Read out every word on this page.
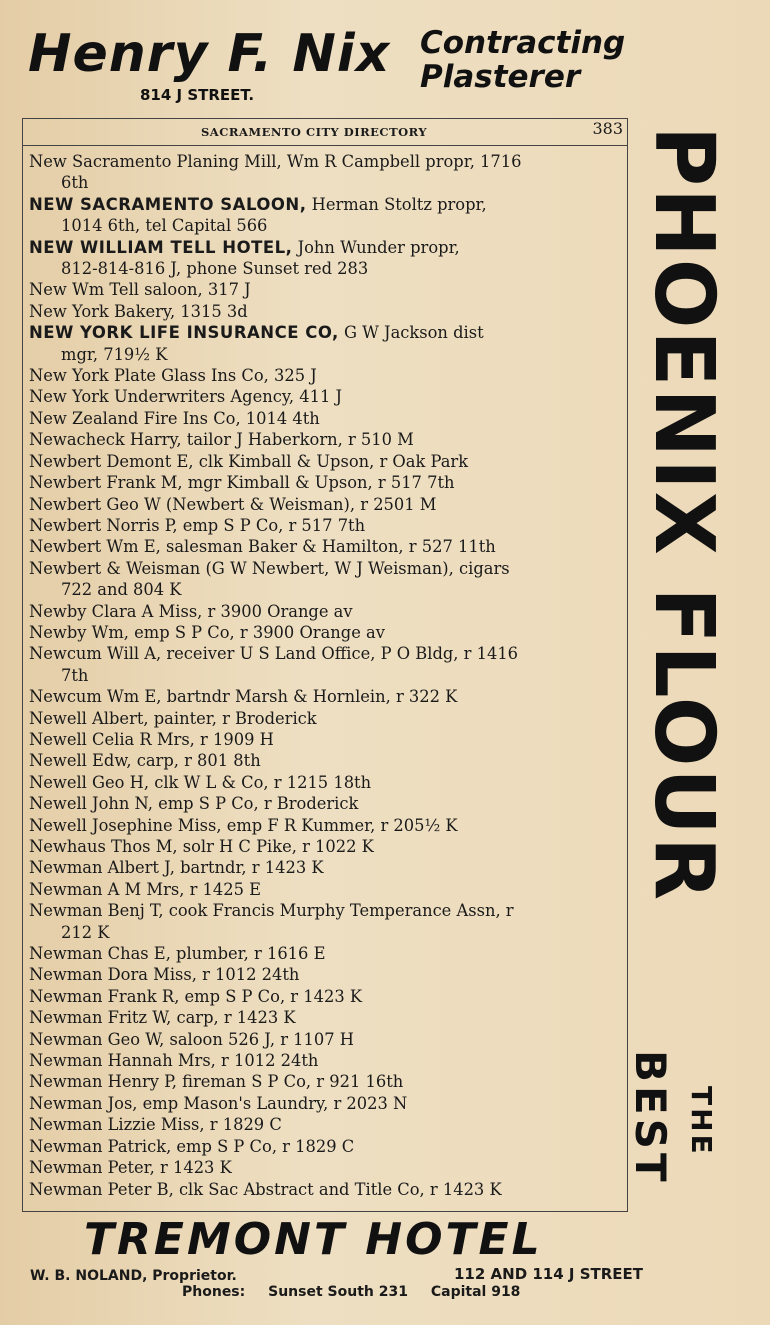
Henry F. Nix
814 J STREET.
Contracting
Plasterer
SACRAMENTO CITY DIRECTORY	383
New Sacramento Planing Mill, Wm R Campbell propr, 1716
6th
NEW SACRAMENTO SALOON, Herman Stoltz propr,
1014 6th, tel Capital 566
NEW WILLIAM TELL HOTEL, John Wunder propr,
812-814-816 J, phone Sunset red 283
New Wm Tell saloon, 317 J
New York Bakery, 1315 3d
NEW YORK LIFE INSURANCE CO, G W Jackson dist
mgr, 719½ K
New York Plate Glass Ins Co, 325 J
New York Underwriters Agency, 411 J
New Zealand Fire Ins Co, 1014 4th
Newacheck Harry, tailor J Haberkorn, r 510 M
Newbert Demont E, clk Kimball & Upson, r Oak Park
Newbert Frank M, mgr Kimball & Upson, r 517 7th
Newbert Geo W (Newbert & Weisman), r 2501 M
Newbert Norris P, emp S P Co, r 517 7th
Newbert Wm E, salesman Baker & Hamilton, r 527 11th
Newbert & Weisman (G W Newbert, W J Weisman), cigars
722 and 804 K
Newby Clara A Miss, r 3900 Orange av
Newby Wm, emp S P Co, r 3900 Orange av
Newcum Will A, receiver U S Land Office, P O Bldg, r 1416
7th
Newcum Wm E, bartndr Marsh & Hornlein, r 322 K
Newell Albert, painter, r Broderick
Newell Celia R Mrs, r 1909 H
Newell Edw, carp, r 801 8th
Newell Geo H, clk W L & Co, r 1215 18th
Newell John N, emp S P Co, r Broderick
Newell Josephine Miss, emp F R Kummer, r 205½ K
Newhaus Thos M, solr H C Pike, r 1022 K
Newman Albert J, bartndr, r 1423 K
Newman A M Mrs, r 1425 E
Newman Benj T, cook Francis Murphy Temperance Assn, r
212 K
Newman Chas E, plumber, r 1616 E
Newman Dora Miss, r 1012 24th
Newman Frank R, emp S P Co, r 1423 K
Newman Fritz W, carp, r 1423 K
Newman Geo W, saloon 526 J, r 1107 H
Newman Hannah Mrs, r 1012 24th
Newman Henry P, fireman S P Co, r 921 16th
Newman Jos, emp Mason's Laundry, r 2023 N
Newman Lizzie Miss, r 1829 C
Newman Patrick, emp S P Co, r 1829 C
Newman Peter, r 1423 K
Newman Peter B, clk Sac Abstract and Title Co, r 1423 K
PHOENIX FLOUR
BEST THE
TREMONT HOTEL
W. B. NOLAND, Proprietor.	112 AND 114 J STREET
Phones: Sunset South 231 Capital 918
